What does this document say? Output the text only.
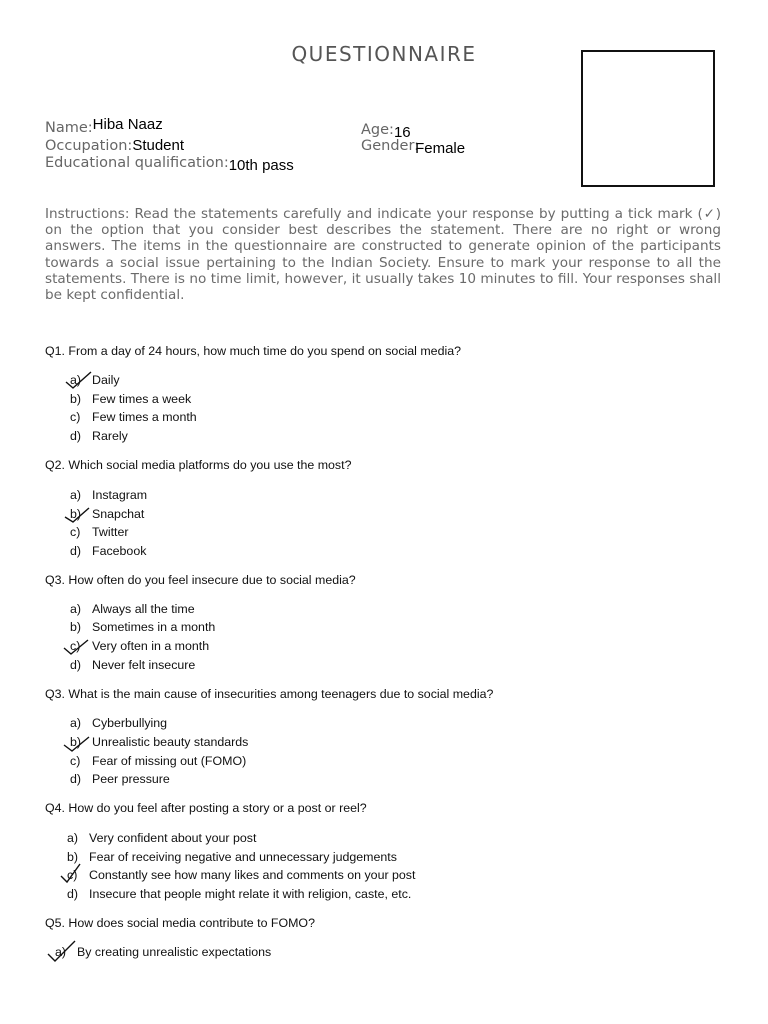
QUESTIONNAIRE
Name:Hiba Naaz
Occupation:Student
Educational qualification:10th pass
Age:16
Gender:Female

Instructions: Read the statements carefully and indicate your response by putting a tick mark (✓) on the option that you consider best describes the statement. There are no right or wrong answers. The items in the questionnaire are constructed to generate opinion of the participants towards a social issue pertaining to the Indian Society. Ensure to mark your response to all the statements. There is no time limit, however, it usually takes 10 minutes to fill. Your responses shall be kept confidential.

Q1. From a day of 24 hours, how much time do you spend on social media?

a) Daily
b) Few times a week
c) Few times a month
d) Rarely

Q2. Which social media platforms do you use the most?

a) Instagram
b) Snapchat
c) Twitter
d) Facebook

Q3. How often do you feel insecure due to social media?

a) Always all the time
b) Sometimes in a month
c) Very often in a month
d) Never felt insecure

Q3. What is the main cause of insecurities among teenagers due to social media?

a) Cyberbullying
b) Unrealistic beauty standards
c) Fear of missing out (FOMO)
d) Peer pressure

Q4. How do you feel after posting a story or a post or reel?

a) Very confident about your post
b) Fear of receiving negative and unnecessary judgements
c) Constantly see how many likes and comments on your post
d) Insecure that people might relate it with religion, caste, etc.

Q5. How does social media contribute to FOMO?

a) By creating unrealistic expectations
